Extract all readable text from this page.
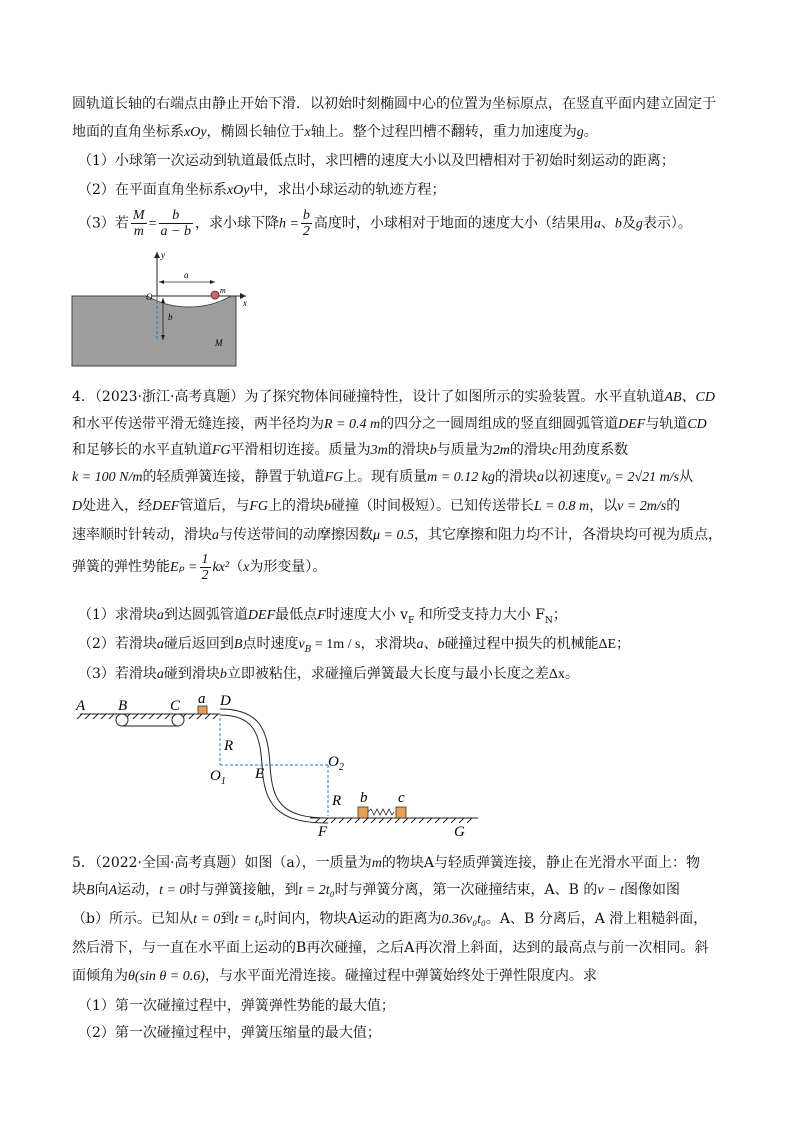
圆轨道长轴的右端点由静止开始下滑．以初始时刻椭圆中心的位置为坐标原点，在竖直平面内建立固定于
地面的直角坐标系xOy，椭圆长轴位于x轴上。整个过程凹槽不翻转，重力加速度为g。
（1）小球第一次运动到轨道最低点时，求凹槽的速度大小以及凹槽相对于初始时刻运动的距离；
（2）在平面直角坐标系xOy中，求出小球运动的轨迹方程；
（3）若 $\frac{M}{m} = \frac{b}{a - b}$ ，求小球下降$h = \frac{b}{2}$ 高度时，小球相对于地面的速度大小（结果用a、b及g表示）。
y
x
O
a
b
m
M
4．（2023·浙江·高考真题）为了探究物体间碰撞特性，设计了如图所示的实验装置。水平直轨道AB、CD
和水平传送带平滑无缝连接，两半径均为R = 0.4 m的四分之一圆周组成的竖直细圆弧管道DEF与轨道CD
和足够长的水平直轨道FG平滑相切连接。质量为3m的滑块b与质量为2m的滑块c用劲度系数
k = 100 N/m的轻质弹簧连接，静置于轨道FG上。现有质量m = 0.12 kg的滑块a以初速度v₀ = 2√21 m/s从
D处进入，经DEF管道后，与FG上的滑块b碰撞（时间极短）。已知传送带长L = 0.8 m，以v = 2m/s的
速率顺时针转动，滑块a与传送带间的动摩擦因数μ = 0.5，其它摩擦和阻力均不计，各滑块均可视为质点，
弹簧的弹性势能$E_p = \frac{1}{2} kx^2(x$为形变量）。
（1）求滑块a到达圆弧管道DEF最低点F时速度大小 $v_F$ 和所受支持力大小 $F_N$；
（2）若滑块a碰后返回到B点时速度$v_B = 1m / s$，求滑块a、b碰撞过程中损失的机械能ΔE；
（3）若滑块a碰到滑块b立即被粘住，求碰撞后弹簧最大长度与最小长度之差Δx。
A B	C a D
R
$O_1$ E
$O_2$
R b c
F	G
5．（2022·全国·高考真题）如图（a），一质量为m的物块A与轻质弹簧连接，静止在光滑水平面上：物
块B向A运动，t = 0时与弹簧接触，到t = 2t₀时与弹簧分离，第一次碰撞结束，A、B 的v − t图像如图
（b）所示。已知从t = 0到t = t₀时间内，物块A运动的距离为0.36v₀t₀。A、B 分离后，A 滑上粗糙斜面，
然后滑下，与一直在水平面上运动的B再次碰撞，之后A再次滑上斜面，达到的最高点与前一次相同。斜
面倾角为θ(sin θ = 0.6)，与水平面光滑连接。碰撞过程中弹簧始终处于弹性限度内。求
（1）第一次碰撞过程中，弹簧弹性势能的最大值；
（2）第一次碰撞过程中，弹簧压缩量的最大值；
